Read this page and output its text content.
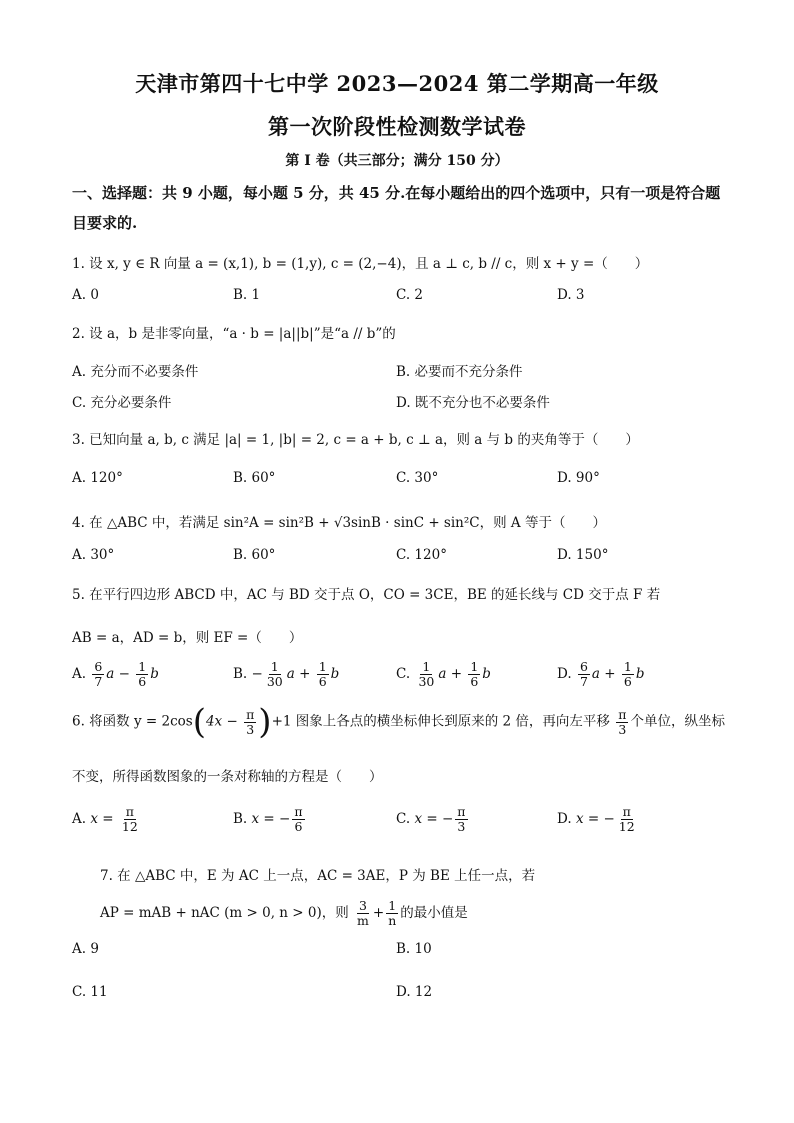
天津市第四十七中学 2023—2024 第二学期高一年级
第一次阶段性检测数学试卷
第 I 卷（共三部分；满分 150 分）
一、选择题：共 9 小题，每小题 5 分，共 45 分.在每小题给出的四个选项中，只有一项是符合题目要求的.
1. 设 x, y ∈ R 向量 a = (x,1), b = (1,y), c = (2,−4)，且 a ⊥ c, b // c，则 x + y =（　　）
A. 0	B. 1	C. 2	D. 3
2. 设 a，b 是非零向量，“a · b = |a||b|”是“a // b”的
A. 充分而不必要条件	B. 必要而不充分条件
C. 充分必要条件	D. 既不充分也不必要条件
3. 已知向量 a, b, c 满足 |a| = 1, |b| = 2, c = a + b, c ⊥ a，则 a 与 b 的夹角等于（　　）
A. 120°	B. 60°	C. 30°	D. 90°
4. 在 △ABC 中，若满足 sin²A = sin²B + √3sinB · sinC + sin²C，则 A 等于（　　）
A. 30°	B. 60°	C. 120°	D. 150°
5. 在平行四边形 ABCD 中，AC 与 BD 交于点 O，CO = 3CE，BE 的延长线与 CD 交于点 F 若
AB = a，AD = b，则 EF =（　　）
A. $\frac{6}{7}$ $a - \frac{1}{6}$ b	B. − $\frac{1}{30}$ $a + \frac{1}{6}$ b	C. $\frac{1}{30}$ $a + \frac{1}{6}$ b	D. $\frac{6}{7}$ $a + \frac{1}{6}$ b
6. 将函数 $y = 2\cos(4x - \frac{\pi}{3} )+1$ 图象上各点的横坐标伸长到原来的 2 倍，再向左平移 $\frac{\pi}{3}$ 个单位，纵坐标
不变，所得函数图象的一条对称轴的方程是（　　）
A. $x = \frac{\pi}{12}$	B. x = − $\frac{\pi}{6}$	C. x = − $\frac{\pi}{3}$	D. x = − $\frac{\pi}{12}$
7. 在 △ABC 中，E 为 AC 上一点，AC = 3AE，P 为 BE 上任一点，若
AP = mAB + nAC (m > 0, n > 0)，则 $\frac{3}{m} + \frac{1}{n}$ 的最小值是
A. 9	B. 10
C. 11	D. 12
